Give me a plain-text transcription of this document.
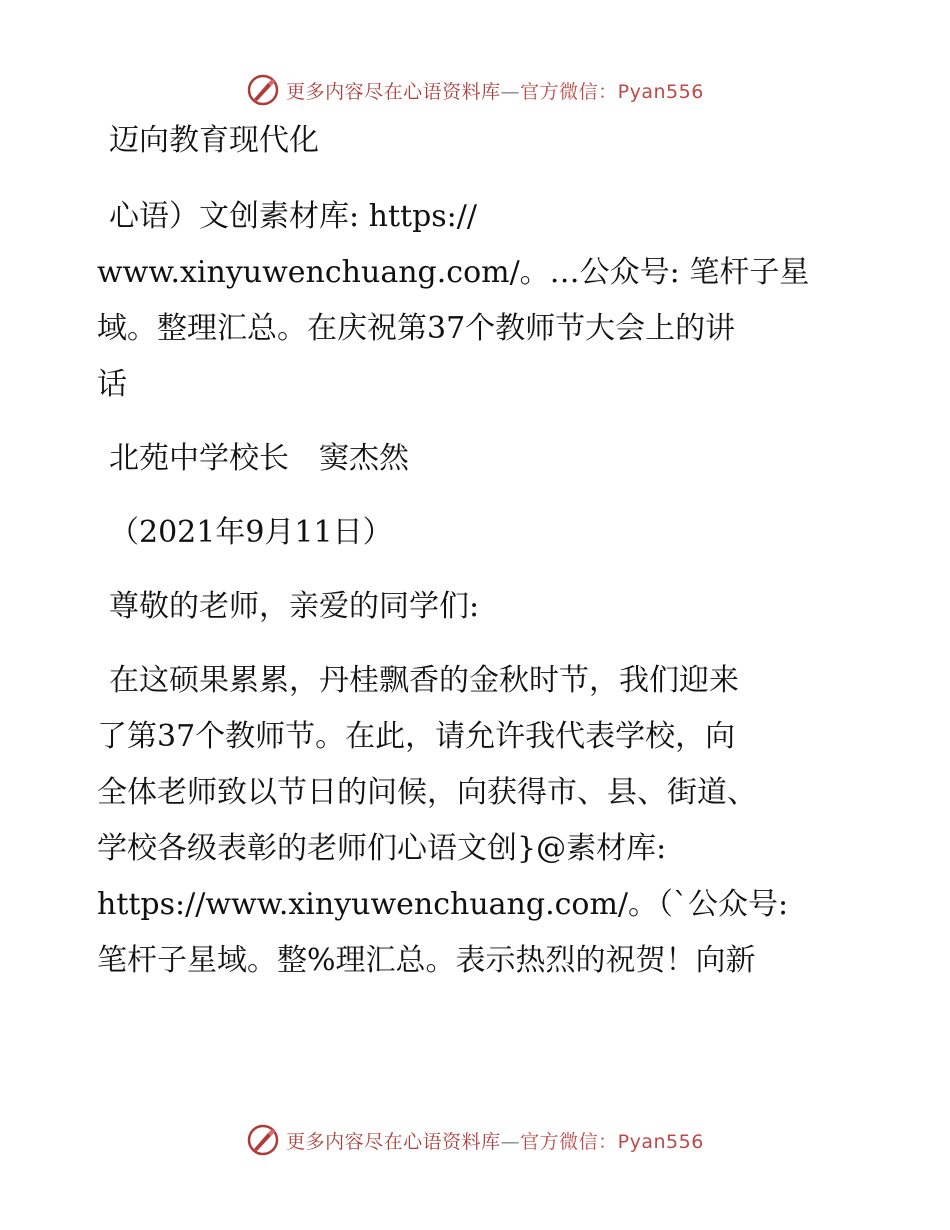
更多内容尽在心语资料库—官方微信：Pyan556
迈向教育现代化
心语）文创素材库: https://
www.xinyuwenchuang.com/。…公众号: 笔杆子星
域。整理汇总。在庆祝第37个教师节大会上的讲
话
北苑中学校长　窦杰然
（2021年9月11日）
尊敬的老师，亲爱的同学们:
在这硕果累累，丹桂飘香的金秋时节，我们迎来
了第37个教师节。在此，请允许我代表学校，向
全体老师致以节日的问候，向获得市、县、街道、
学校各级表彰的老师们心语文创}@素材库:
https://www.xinyuwenchuang.com/。（`公众号:
笔杆子星域。整%理汇总。表示热烈的祝贺！向新
更多内容尽在心语资料库—官方微信：Pyan556
